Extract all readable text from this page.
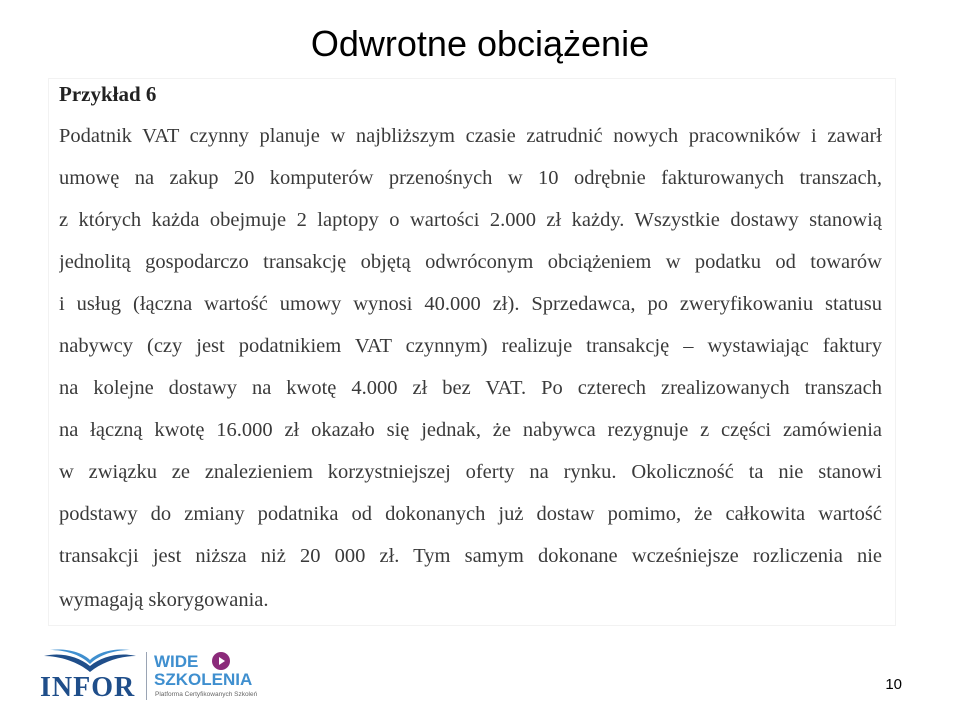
Odwrotne obciążenie
Przykład 6
Podatnik VAT czynny planuje w najbliższym czasie zatrudnić nowych pracowników i zawarł
umowę na zakup 20 komputerów przenośnych w 10 odrębnie fakturowanych transzach,
z których każda obejmuje 2 laptopy o wartości 2.000 zł każdy. Wszystkie dostawy stanowią
jednolitą gospodarczo transakcję objętą odwróconym obciążeniem w podatku od towarów
i usług (łączna wartość umowy wynosi 40.000 zł). Sprzedawca, po zweryfikowaniu statusu
nabywcy (czy jest podatnikiem VAT czynnym) realizuje transakcję – wystawiając faktury
na kolejne dostawy na kwotę 4.000 zł bez VAT. Po czterech zrealizowanych transzach
na łączną kwotę 16.000 zł okazało się jednak, że nabywca rezygnuje z części zamówienia
w związku ze znalezieniem korzystniejszej oferty na rynku. Okoliczność ta nie stanowi
podstawy do zmiany podatnika od dokonanych już dostaw pomimo, że całkowita wartość
transakcji jest niższa niż 20 000 zł. Tym samym dokonane wcześniejsze rozliczenia nie
wymagają skorygowania.
INFOR
WIDE
SZKOLENIA
Platforma Certyfikowanych Szkoleń
10
